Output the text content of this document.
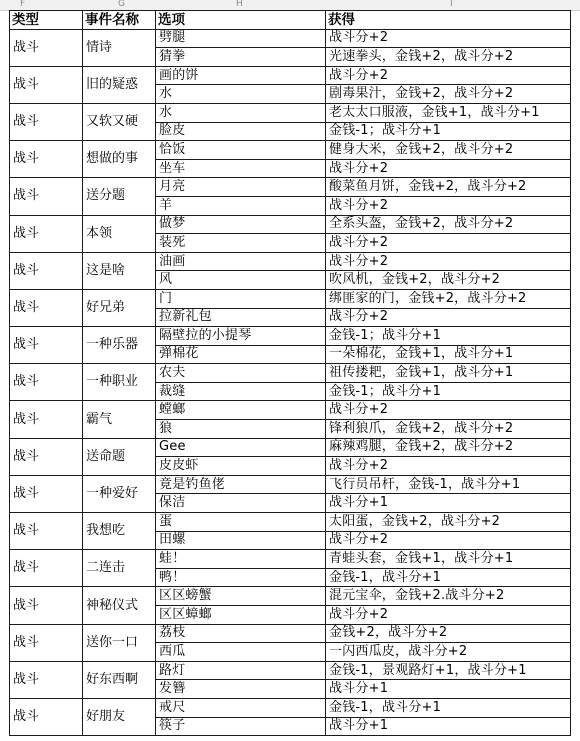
F	G	H	I
类型	事件名称	选项	获得
战斗	情诗	劈腿	战斗分+2
		猜拳	光速拳头，金钱+2，战斗分+2
战斗	旧的疑惑	画的饼	战斗分+2
		水	剧毒果汁，金钱+2，战斗分+2
战斗	又软又硬	水	老太太口服液，金钱+1，战斗分+1
		脸皮	金钱-1；战斗分+1
战斗	想做的事	恰饭	健身大米，金钱+2，战斗分+2
		坐车	战斗分+2
战斗	送分题	月亮	酸菜鱼月饼，金钱+2，战斗分+2
		羊	战斗分+2
战斗	本领	做梦	全系头盔，金钱+2，战斗分+2
		装死	战斗分+2
战斗	这是啥	油画	战斗分+2
		风	吹风机，金钱+2，战斗分+2
战斗	好兄弟	门	绑匪家的门，金钱+2，战斗分+2
		拉新礼包	战斗分+2
战斗	一种乐器	隔壁拉的小提琴	金钱-1；战斗分+1
		弹棉花	一朵棉花，金钱+1，战斗分+1
战斗	一种职业	农夫	祖传搂耙，金钱+1，战斗分+1
		裁缝	金钱-1；战斗分+1
战斗	霸气	螳螂	战斗分+2
		狼	锋利狼爪，金钱+2，战斗分+2
战斗	送命题	Gee	麻辣鸡腿，金钱+2，战斗分+2
		皮皮虾	战斗分+2
战斗	一种爱好	竟是钓鱼佬	飞行员吊杆，金钱-1，战斗分+1
		保洁	战斗分+1
战斗	我想吃	蛋	太阳蛋，金钱+2，战斗分+2
		田螺	战斗分+2
战斗	二连击	蛙！	青蛙头套，金钱+1，战斗分+1
		鸭！	金钱-1，战斗分+1
战斗	神秘仪式	区区螃蟹	混元宝伞，金钱+2.战斗分+2
		区区蟑螂	战斗分+2
战斗	送你一口	荔枝	金钱+2，战斗分+2
		西瓜	一闪西瓜皮，战斗分+2
战斗	好东西啊	路灯	金钱-1，景观路灯+1，战斗分+1
		发簪	战斗分+1
战斗	好朋友	戒尺	金钱-1，战斗分+1
		筷子	战斗分+1
